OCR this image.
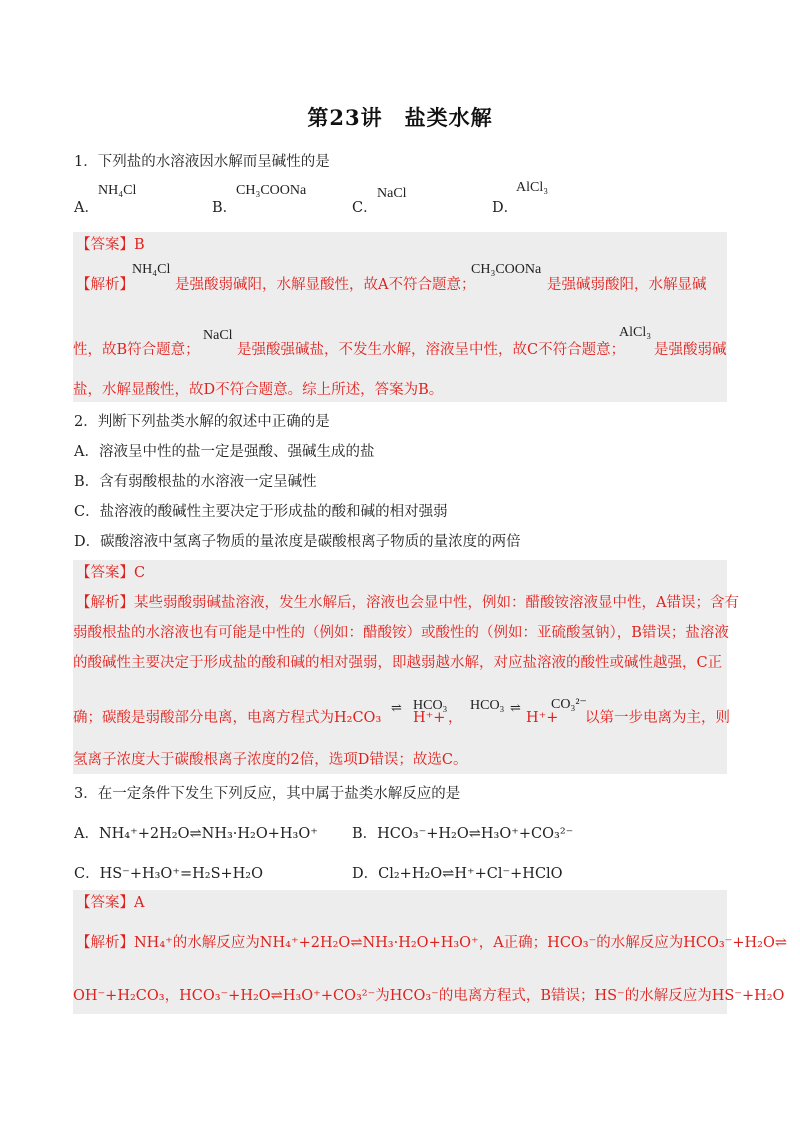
第23讲　盐类水解
1．下列盐的水溶液因水解而呈碱性的是
A．
NH₄Cl
B．
CH₃COONa
C．
NaCl
D．
AlCl₃
【答案】B
【解析】
NH₄Cl
是强酸弱碱阳，水解显酸性，故A不符合题意；
CH₃COONa
是强碱弱酸阳，水解显碱
性，故B符合题意；
NaCl
是强酸强碱盐，不发生水解，溶液呈中性，故C不符合题意；
AlCl₃
是强酸弱碱
盐，水解显酸性，故D不符合题意。综上所述，答案为B。
2．判断下列盐类水解的叙述中正确的是
A．溶液呈中性的盐一定是强酸、强碱生成的盐
B．含有弱酸根盐的水溶液一定呈碱性
C．盐溶液的酸碱性主要决定于形成盐的酸和碱的相对强弱
D．碳酸溶液中氢离子物质的量浓度是碳酸根离子物质的量浓度的两倍
【答案】C
【解析】某些弱酸弱碱盐溶液，发生水解后，溶液也会显中性，例如：醋酸铵溶液显中性，A错误；含有
弱酸根盐的水溶液也有可能是中性的（例如：醋酸铵）或酸性的（例如：亚硫酸氢钠），B错误；盐溶液
的酸碱性主要决定于形成盐的酸和碱的相对强弱，即越弱越水解，对应盐溶液的酸性或碱性越强，C正
确；碳酸是弱酸部分电离，电离方程式为H₂CO₃
⇌
H⁺+
HCO₃
，
HCO₃ ⇌
H⁺+
CO₃²⁻
以第一步电离为主，则
氢离子浓度大于碳酸根离子浓度的2倍，选项D错误；故选C。
3．在一定条件下发生下列反应，其中属于盐类水解反应的是
A．NH₄⁺+2H₂O⇌NH₃·H₂O+H₃O⁺ B．HCO₃⁻+H₂O⇌H₃O⁺+CO₃²⁻
C．HS⁻+H₃O⁺=H₂S+H₂O	D．Cl₂+H₂O⇌H⁺+Cl⁻+HClO
【答案】A
【解析】NH₄⁺的水解反应为NH₄⁺+2H₂O⇌NH₃·H₂O+H₃O⁺，A正确；HCO₃⁻的水解反应为HCO₃⁻+H₂O⇌
OH⁻+H₂CO₃，HCO₃⁻+H₂O⇌H₃O⁺+CO₃²⁻为HCO₃⁻的电离方程式，B错误；HS⁻的水解反应为HS⁻+H₂O
